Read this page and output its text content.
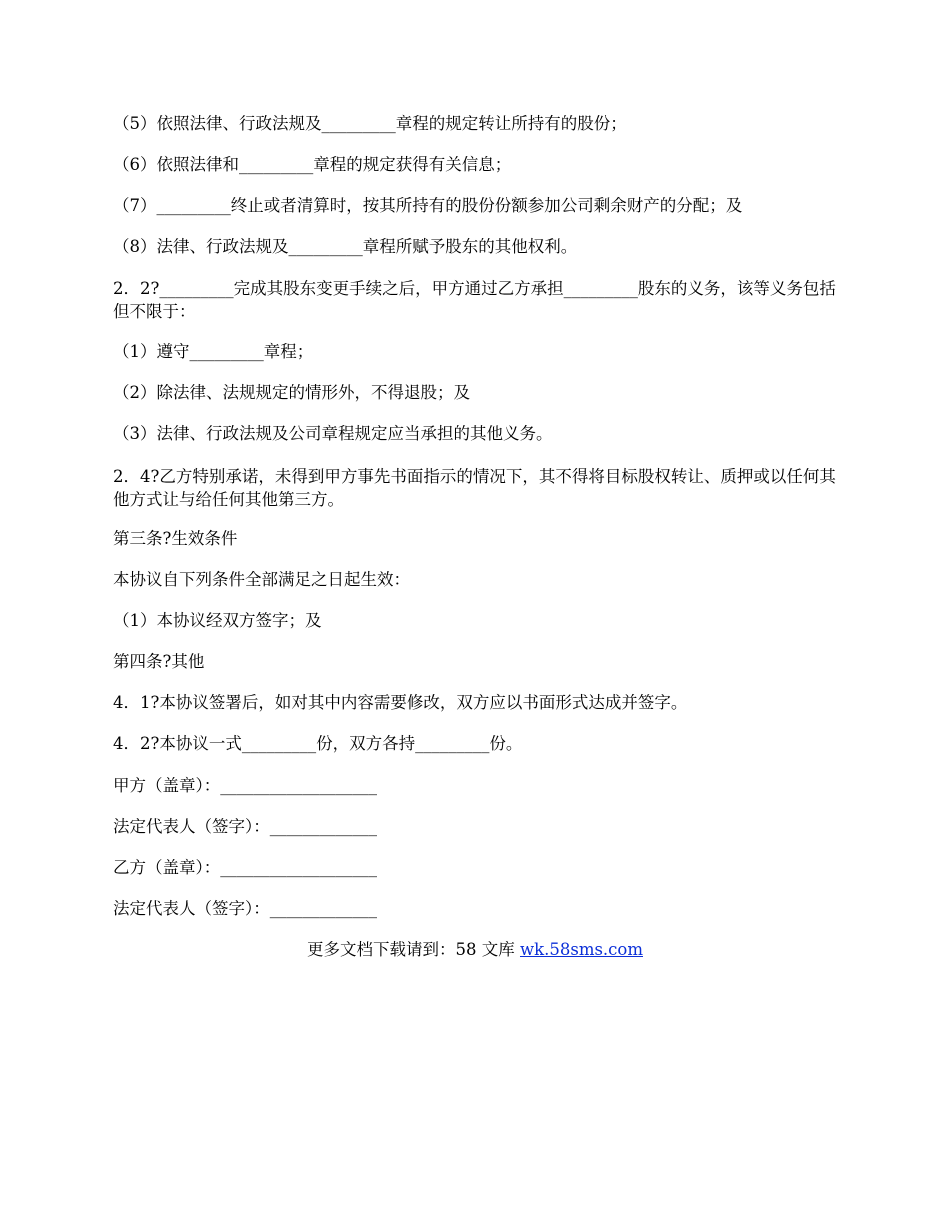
（5）依照法律、行政法规及_________章程的规定转让所持有的股份；

（6）依照法律和_________章程的规定获得有关信息；

（7）_________终止或者清算时，按其所持有的股份份额参加公司剩余财产的分配；及

（8）法律、行政法规及_________章程所赋予股东的其他权利。

2．2?_________完成其股东变更手续之后，甲方通过乙方承担_________股东的义务，该等义务包括但不限于：

（1）遵守_________章程；

（2）除法律、法规规定的情形外，不得退股；及

（3）法律、行政法规及公司章程规定应当承担的其他义务。

2．4?乙方特别承诺，未得到甲方事先书面指示的情况下，其不得将目标股权转让、质押或以任何其他方式让与给任何其他第三方。

第三条?生效条件

本协议自下列条件全部满足之日起生效：

（1）本协议经双方签字；及

第四条?其他

4．1?本协议签署后，如对其中内容需要修改，双方应以书面形式达成并签字。

4．2?本协议一式_________份，双方各持_________份。

甲方（盖章）：___________________

法定代表人（签字）：_____________

乙方（盖章）：___________________

法定代表人（签字）：_____________

更多文档下载请到：58 文库 wk.58sms.com
